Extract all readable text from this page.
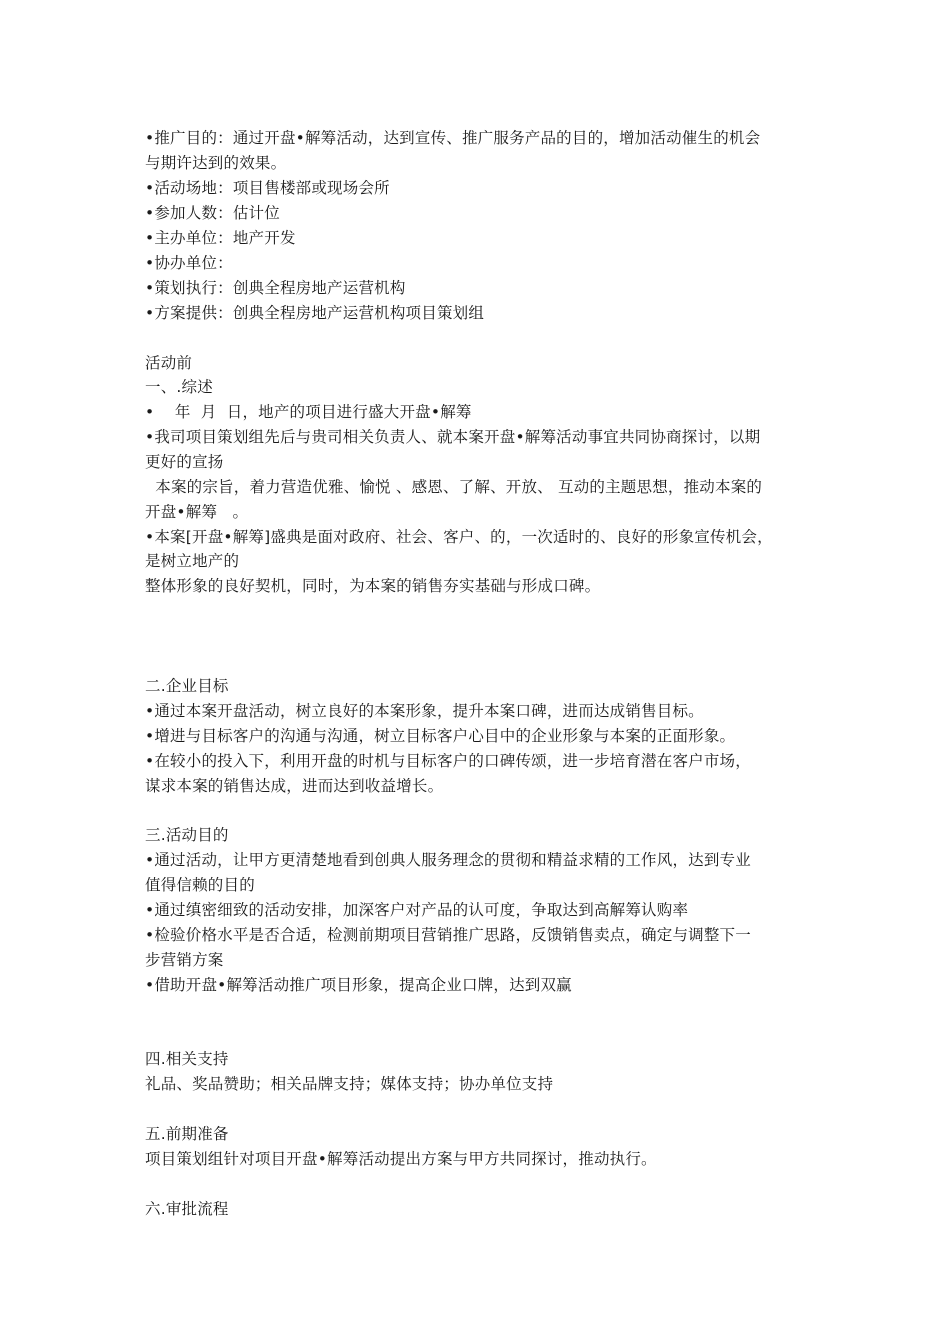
•推广目的：通过开盘•解筹活动，达到宣传、推广服务产品的目的，增加活动催生的机会
与期许达到的效果。
•活动场地：项目售楼部或现场会所
•参加人数：估计位
•主办单位：地产开发
•协办单位：
•策划执行：创典全程房地产运营机构
•方案提供：创典全程房地产运营机构项目策划组
活动前
一、.综述
•    年  月  日，地产的项目进行盛大开盘•解筹
•我司项目策划组先后与贵司相关负责人、就本案开盘•解筹活动事宜共同协商探讨，以期
更好的宣扬
本案的宗旨，着力营造优雅、愉悦 、感恩、了解、开放、 互动的主题思想，推动本案的
开盘•解筹   。
•本案[开盘•解筹]盛典是面对政府、社会、客户、的，一次适时的、良好的形象宣传机会，
是树立地产的
整体形象的良好契机，同时，为本案的销售夯实基础与形成口碑。
二.企业目标
•通过本案开盘活动，树立良好的本案形象，提升本案口碑，进而达成销售目标。
•增进与目标客户的沟通与沟通，树立目标客户心目中的企业形象与本案的正面形象。
•在较小的投入下，利用开盘的时机与目标客户的口碑传颂，进一步培育潜在客户市场，
谋求本案的销售达成，进而达到收益增长。
三.活动目的
•通过活动，让甲方更清楚地看到创典人服务理念的贯彻和精益求精的工作风，达到专业
值得信赖的目的
•通过缜密细致的活动安排，加深客户对产品的认可度，争取达到高解筹认购率
•检验价格水平是否合适，检测前期项目营销推广思路，反馈销售卖点，确定与调整下一
步营销方案
•借助开盘•解筹活动推广项目形象，提高企业口牌，达到双赢
四.相关支持
礼品、奖品赞助；相关品牌支持；媒体支持；协办单位支持
五.前期准备
项目策划组针对项目开盘•解筹活动提出方案与甲方共同探讨，推动执行。
六.审批流程
